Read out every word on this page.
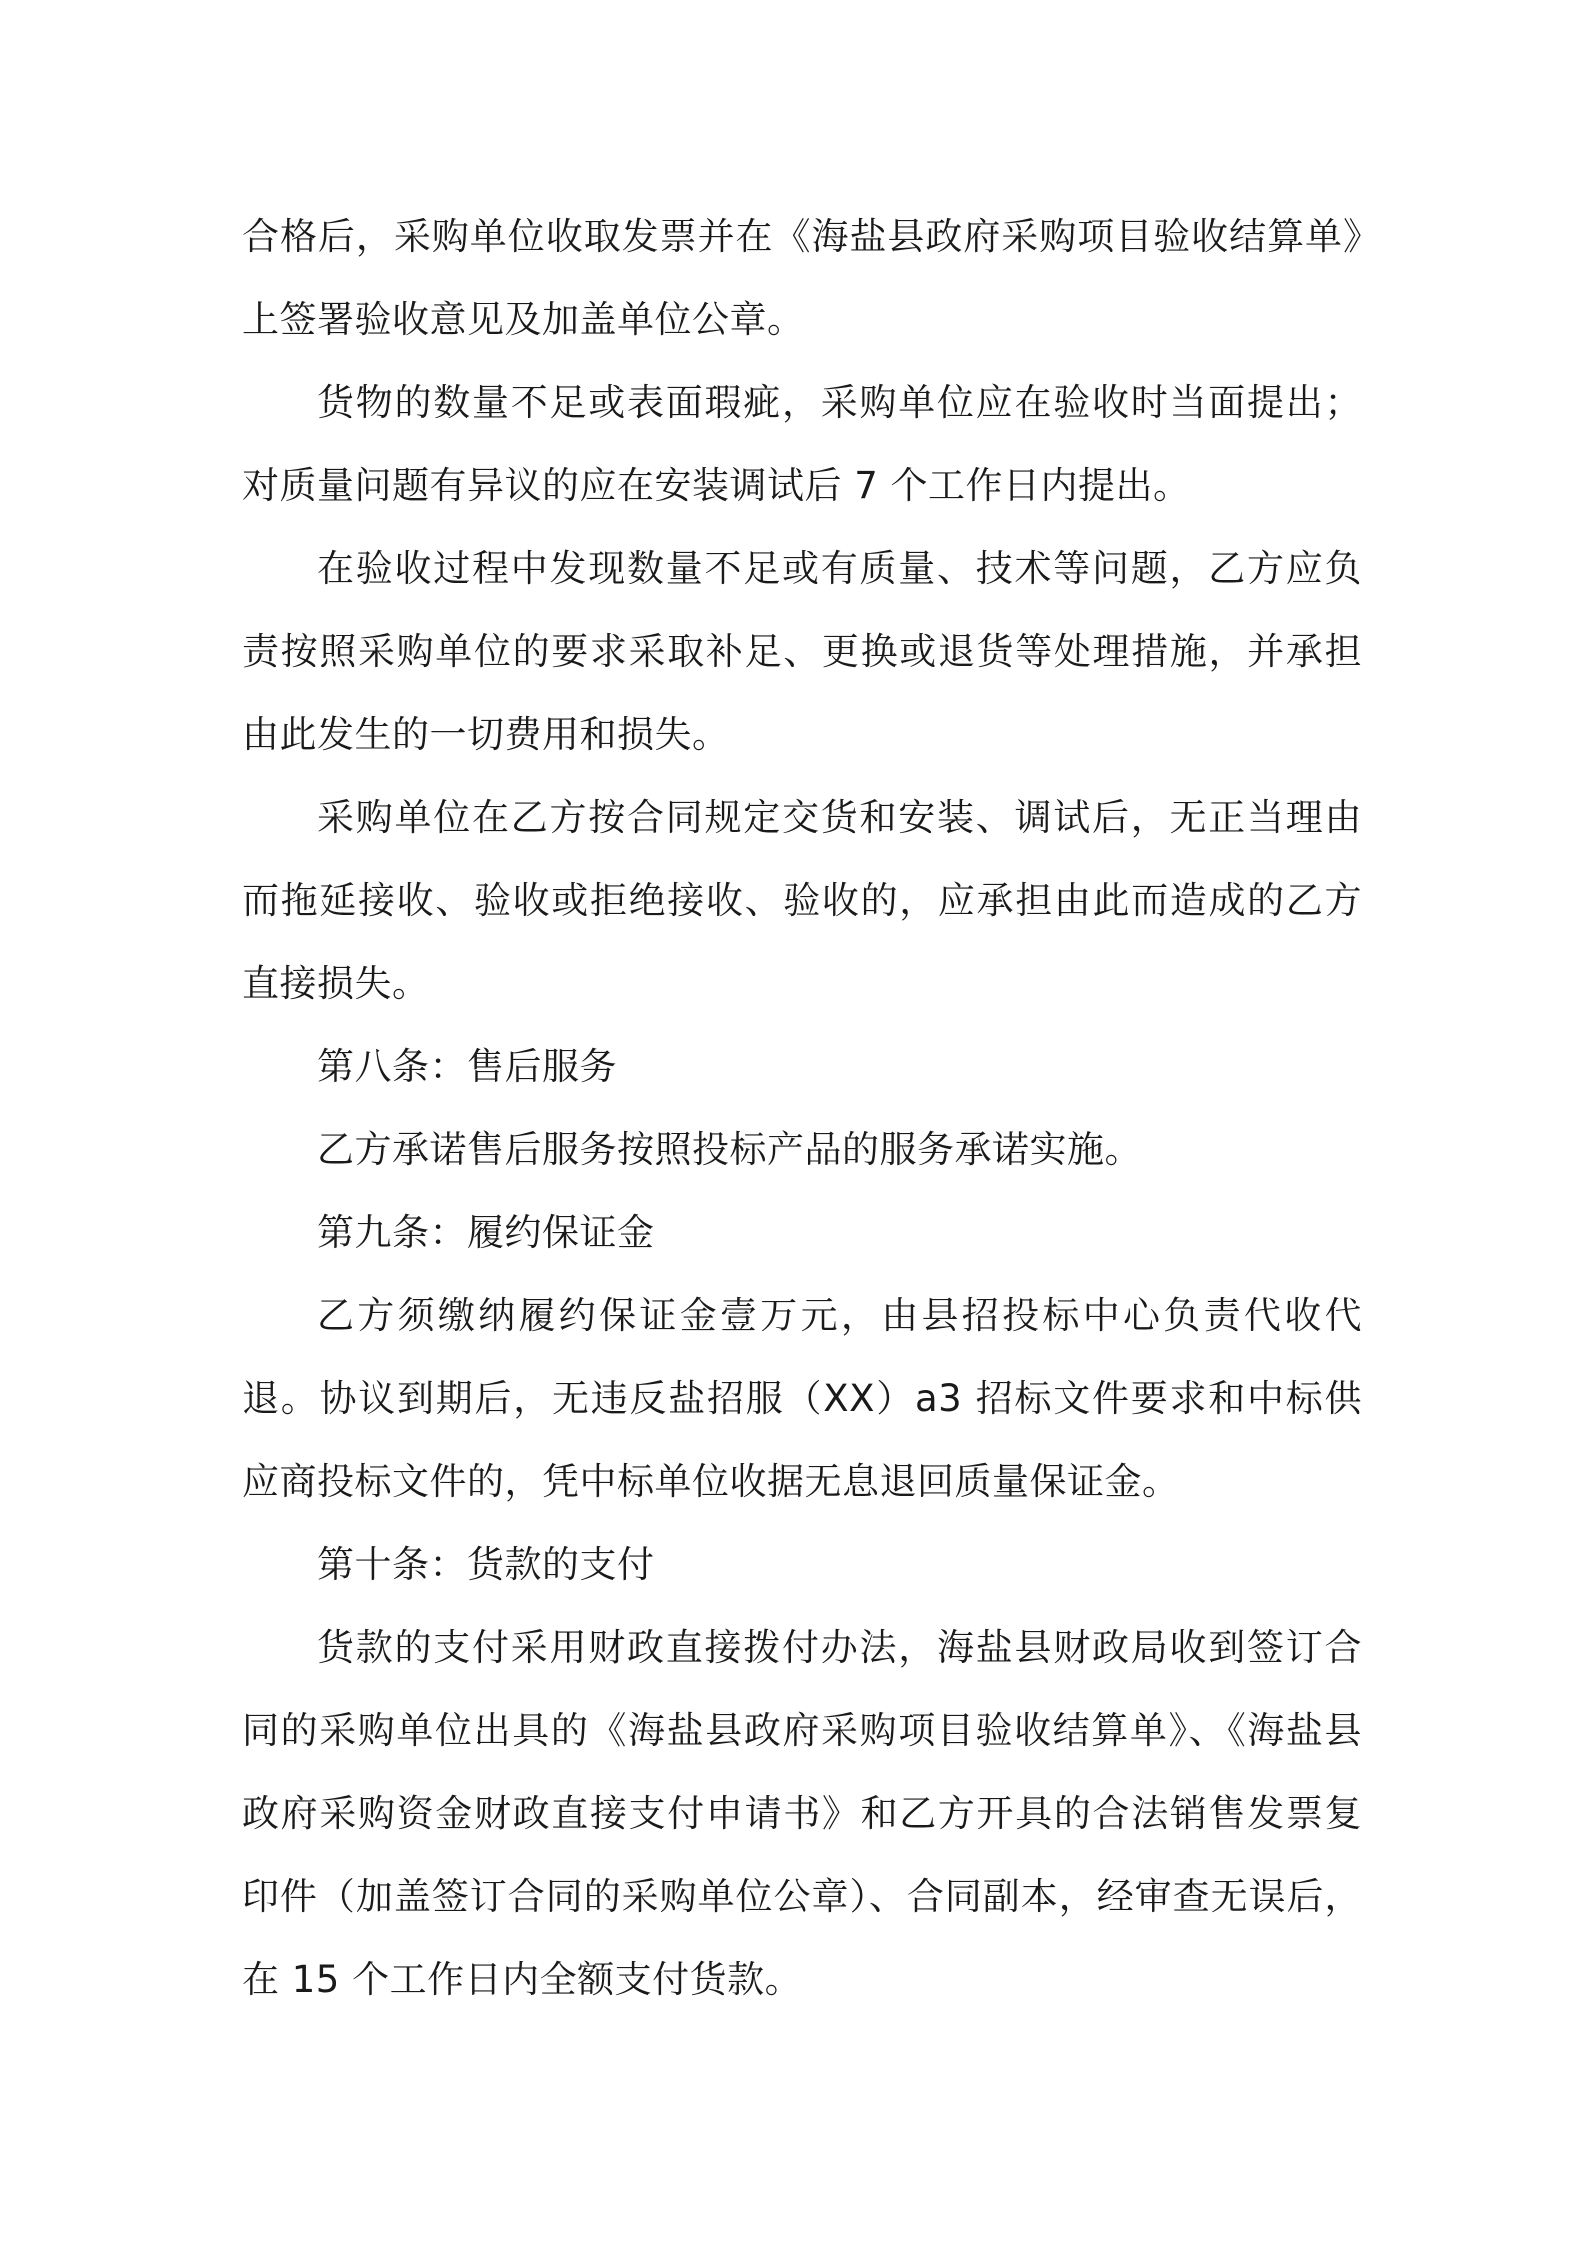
合格后，采购单位收取发票并在《海盐县政府采购项目验收结算单》上签署验收意见及加盖单位公章。

货物的数量不足或表面瑕疵，采购单位应在验收时当面提出；对质量问题有异议的应在安装调试后 7 个工作日内提出。

在验收过程中发现数量不足或有质量、技术等问题，乙方应负责按照采购单位的要求采取补足、更换或退货等处理措施，并承担由此发生的一切费用和损失。

采购单位在乙方按合同规定交货和安装、调试后，无正当理由而拖延接收、验收或拒绝接收、验收的，应承担由此而造成的乙方直接损失。

第八条：售后服务

乙方承诺售后服务按照投标产品的服务承诺实施。

第九条：履约保证金

乙方须缴纳履约保证金壹万元，由县招投标中心负责代收代退。协议到期后，无违反盐招服（XX）a3 招标文件要求和中标供应商投标文件的，凭中标单位收据无息退回质量保证金。

第十条：货款的支付

货款的支付采用财政直接拨付办法，海盐县财政局收到签订合同的采购单位出具的《海盐县政府采购项目验收结算单》、《海盐县政府采购资金财政直接支付申请书》和乙方开具的合法销售发票复印件（加盖签订合同的采购单位公章）、合同副本，经审查无误后，在 15 个工作日内全额支付货款。
